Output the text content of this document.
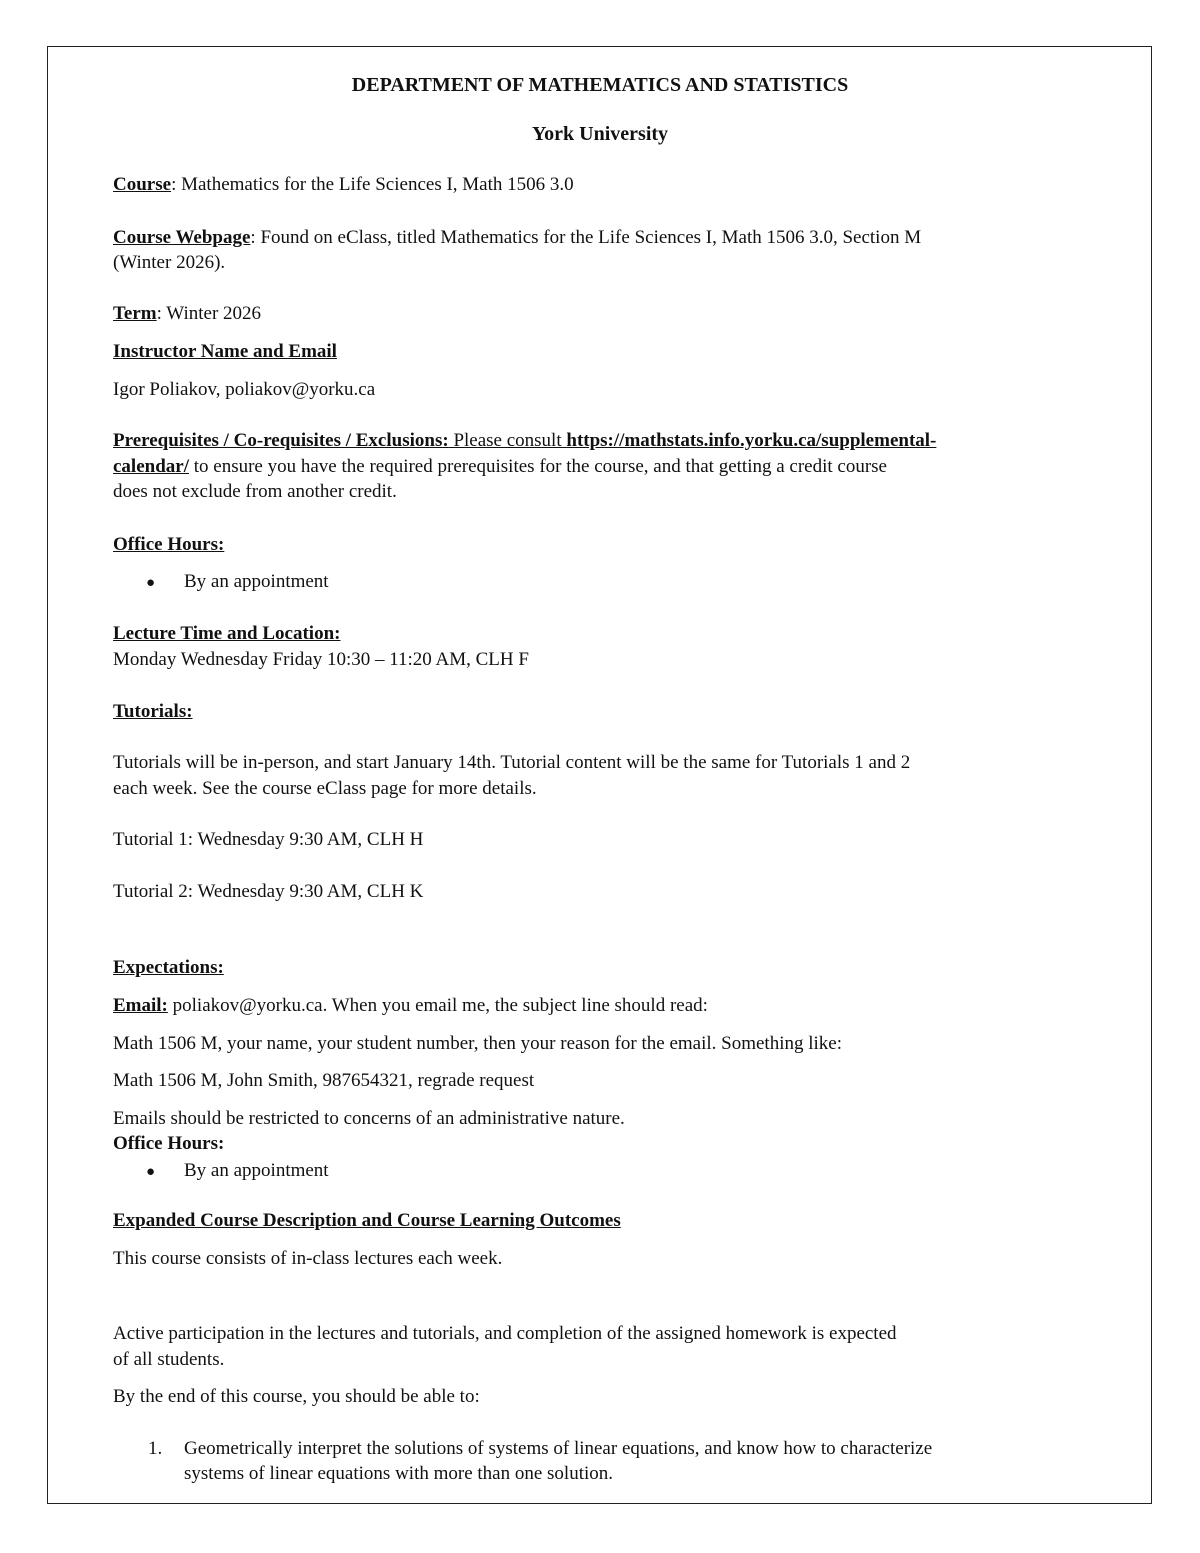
DEPARTMENT OF MATHEMATICS AND STATISTICS
York University
Course: Mathematics for the Life Sciences I, Math 1506 3.0
Course Webpage: Found on eClass, titled Mathematics for the Life Sciences I, Math 1506 3.0, Section M
(Winter 2026).
Term: Winter 2026
Instructor Name and Email
Igor Poliakov, poliakov@yorku.ca
Prerequisites / Co-requisites / Exclusions: Please consult https://mathstats.info.yorku.ca/supplemental-
calendar/ to ensure you have the required prerequisites for the course, and that getting a credit course
does not exclude from another credit.
Office Hours:
● By an appointment
Lecture Time and Location:
Monday Wednesday Friday 10:30 – 11:20 AM, CLH F
Tutorials:
Tutorials will be in-person, and start January 14th. Tutorial content will be the same for Tutorials 1 and 2
each week. See the course eClass page for more details.
Tutorial 1: Wednesday 9:30 AM, CLH H
Tutorial 2: Wednesday 9:30 AM, CLH K
Expectations:
Email: poliakov@yorku.ca. When you email me, the subject line should read:
Math 1506 M, your name, your student number, then your reason for the email. Something like:
Math 1506 M, John Smith, 987654321, regrade request
Emails should be restricted to concerns of an administrative nature.
Office Hours:
● By an appointment
Expanded Course Description and Course Learning Outcomes
This course consists of in-class lectures each week.
Active participation in the lectures and tutorials, and completion of the assigned homework is expected
of all students.
By the end of this course, you should be able to:
1. Geometrically interpret the solutions of systems of linear equations, and know how to characterize
systems of linear equations with more than one solution.
